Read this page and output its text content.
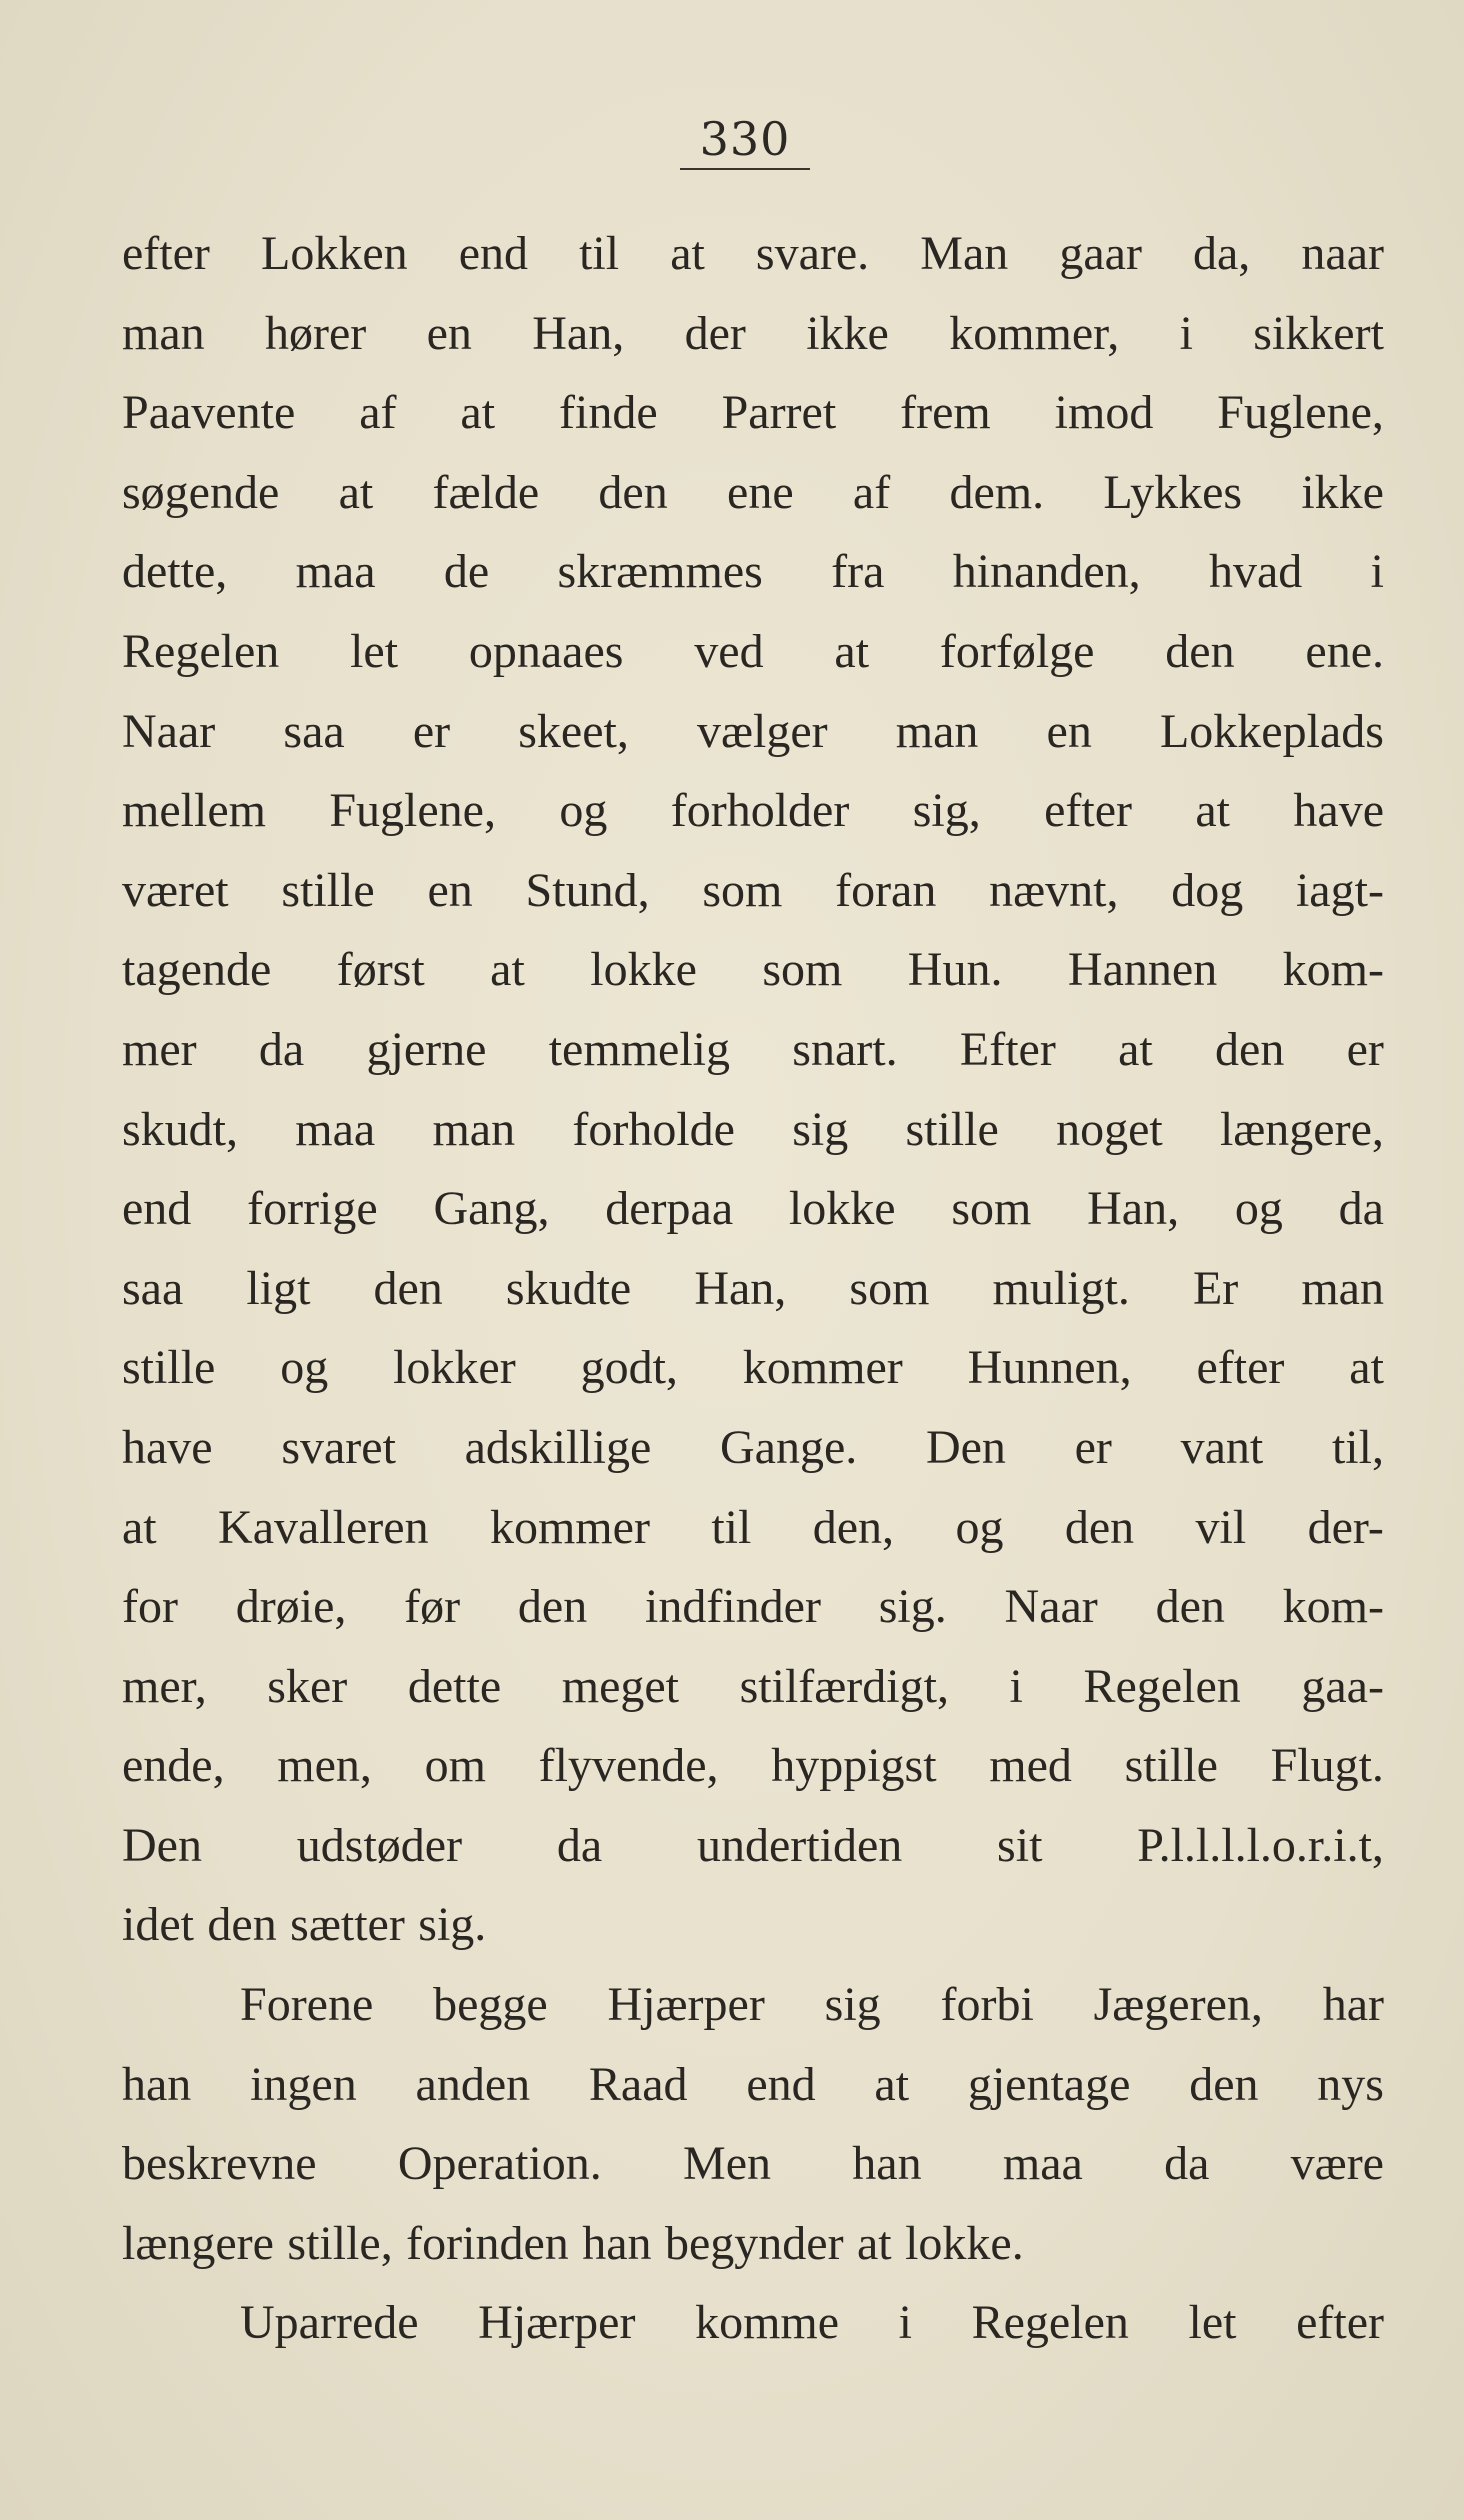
330
efter Lokken end til at svare. Man gaar da, naar
man hører en Han, der ikke kommer, i sikkert
Paavente af at finde Parret frem imod Fuglene,
søgende at fælde den ene af dem. Lykkes ikke
dette, maa de skræmmes fra hinanden, hvad i
Regelen let opnaaes ved at forfølge den ene.
Naar saa er skeet, vælger man en Lokkeplads
mellem Fuglene, og forholder sig, efter at have
været stille en Stund, som foran nævnt, dog iagt-
tagende først at lokke som Hun. Hannen kom-
mer da gjerne temmelig snart. Efter at den er
skudt, maa man forholde sig stille noget længere,
end forrige Gang, derpaa lokke som Han, og da
saa ligt den skudte Han, som muligt. Er man
stille og lokker godt, kommer Hunnen, efter at
have svaret adskillige Gange. Den er vant til,
at Kavalleren kommer til den, og den vil der-
for drøie, før den indfinder sig. Naar den kom-
mer, sker dette meget stilfærdigt, i Regelen gaa-
ende, men, om flyvende, hyppigst med stille Flugt.
Den udstøder da undertiden sit P.l.l.l.l.o.r.i.t,
idet den sætter sig.
Forene begge Hjærper sig forbi Jægeren, har
han ingen anden Raad end at gjentage den nys
beskrevne Operation. Men han maa da være
længere stille, forinden han begynder at lokke.
Uparrede Hjærper komme i Regelen let efter
